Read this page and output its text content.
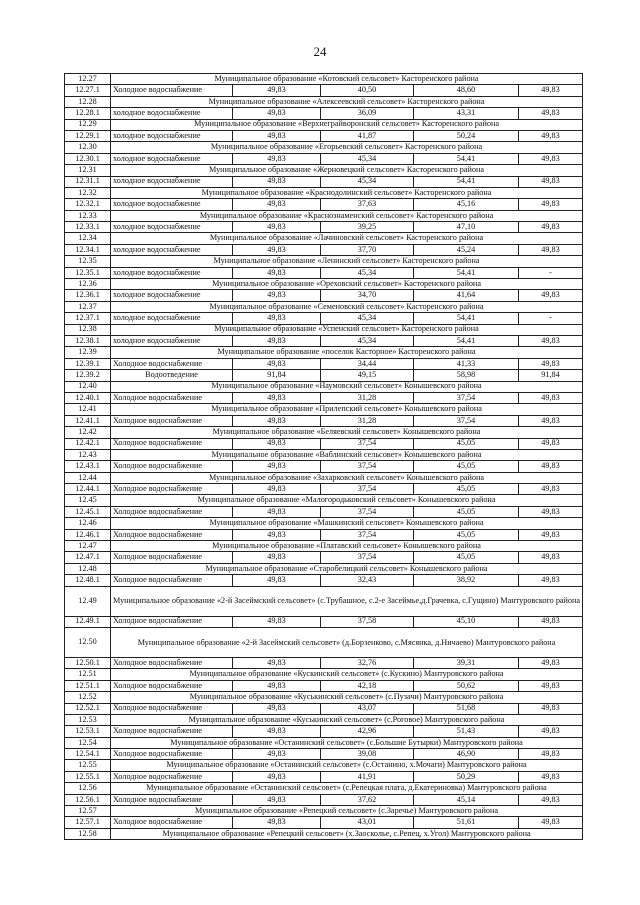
24
12.27	Муниципальное образование «Котовский сельсовет» Касторенского района				
12.27.1	Холодное водоснабжение	49,83	40,50	48,60	49,83
12.28	Муниципальное образование «Алексеевский сельсовет» Касторенского района				
12.28.1	холодное водоснабжение	49,83	36,09	43,31	49,83
12.29	Муниципальное образование «Верхнеграйворонский сельсовет» Касторенского района				
12.29.1	холодное водоснабжение	49,83	41,87	50,24	49,83
12.30	Муниципальное образование «Егорьевский сельсовет» Касторенского района				
12.30.1	холодное водоснабжение	49,83	45,34	54,41	49,83
12.31	Муниципальное образование «Жерновецкий сельсовет» Касторенского района				
12.31.1	холодное водоснабжение	49,83	45,34	54,41	49,83
12.32	Муниципальное образование «Краснодолинский сельсовет» Касторенского района				
12.32.1	холодное водоснабжение	49,83	37,63	45,16	49,83
12.33	Муниципальное образование «Краснознаменский сельсовет» Касторенского района				
12.33.1	холодное водоснабжение	49,83	39,25	47,10	49,83
12.34	Муниципальное образование «Лачиновский сельсовет» Касторенского района				
12.34.1	холодное водоснабжение	49,83	37,70	45,24	49,83
12.35	Муниципальное образование «Ленинский сельсовет» Касторенского района				
12.35.1	холодное водоснабжение	49,83	45,34	54,41	-
12.36	Муниципальное образование «Ореховский сельсовет» Касторенского района				
12.36.1	холодное водоснабжение	49,83	34,70	41,64	49,83
12.37	Муниципальное образование «Семеновский сельсовет» Касторенского района				
12.37.1	холодное водоснабжение	49,83	45,34	54,41	-
12.38	Муниципальное образование «Успенский сельсовет» Касторенского района				
12.38.1	холодное водоснабжение	49,83	45,34	54,41	49,83
12.39	Муниципальное образование «поселок Касторное» Касторенского района				
12.39.1	Холодное водоснабжение	49,83	34,44	41,33	49,83
12.39.2	Водоотведение	91,84	49,15	58,98	91,84
12.40	Муниципальное образование «Наумовский сельсовет» Конышевского района				
12.40.1	Холодное водоснабжение	49,83	31,28	37,54	49,83
12.41	Муниципальное образование «Прилепский сельсовет» Конышевского района				
12.41.1	Холодное водоснабжение	49,83	31,28	37,54	49,83
12.42	Муниципальное образование «Беляевский сельсовет» Конышевского района				
12.42.1	Холодное водоснабжение	49,83	37,54	45,05	49,83
12.43	Муниципальное образование «Ваблинский сельсовет» Конышевского района				
12.43.1	Холодное водоснабжение	49,83	37,54	45,05	49,83
12.44	Муниципальное образование «Захарковский сельсовет» Конышевского района				
12.44.1	Холодное водоснабжение	49,83	37,54	45,05	49,83
12.45	Муниципальное образование «Малогородьковский сельсовет» Конышевского района				
12.45.1	Холодное водоснабжение	49,83	37,54	45,05	49,83
12.46	Муниципальное образование «Машкинский сельсовет» Конышевского района				
12.46.1	Холодное водоснабжение	49,83	37,54	45,05	49,83
12.47	Муниципальное образование «Платавский сельсовет» Конышевского района				
12.47.1	Холодное водоснабжение	49,83	37,54	45,05	49,83
12.48	Муниципальное образование «Старобелицкий сельсовет» Конышевского района				
12.48.1	Холодное водоснабжение	49,83	32,43	38,92	49,83
12.49	Муниципальное образование «2-й Засеймский сельсовет» (с.Трубашное, с.2-е Засеймье,д.Грачевка, с.Гущино) Мантуровского района				
12.49.1	Холодное водоснабжение	49,83	37,58	45,10	49,83
12.50	Муниципальное образование «2-й Засеймский сельсовет» (д.Борзенково, с.Мясянка, д.Ничаево) Мантуровского района				
12.50.1	Холодное водоснабжение	49,83	32,76	39,31	49,83
12.51	Муниципальное образование «Кускинский сельсовет» (с.Кускино) Мантуровского района				
12.51.1	Холодное водоснабжение	49,83	42,18	50,62	49,83
12.52	Муниципальное образование «Куськинский сельсовет» (с.Пузачи) Мантуровского района				
12.52.1	Холодное водоснабжение	49,83	43,07	51,68	49,83
12.53	Муниципальное образование «Куськинский сельсовет» (с.Роговое) Мантуровского района				
12.53.1	Холодное водоснабжение	49,83	42,96	51,43	49,83
12.54	Муниципальное образование «Останинский сельсовет» (с.Большие Бутырки) Мантуровского района				
12.54.1	Холодное водоснабжение	49,83	39,08	46,90	49,83
12.55	Муниципальное образование «Останинский сельсовет» (с.Останино, х.Мочаги) Мантуровского района				
12.55.1	Холодное водоснабжение	49,83	41,91	50,29	49,83
12.56	Муниципальное образование «Останинский сельсовет» (с.Репецкая плата, д.Екатериновка) Мантуровского района				
12.56.1	Холодное водоснабжение	49,83	37,62	45,14	49,83
12.57	Муниципальное образование «Репецкий сельсовет» (с.Заречье) Мантуровского района				
12.57.1	Холодное водоснабжение	49,83	43,01	51,61	49,83
12.58	Муниципальное образование «Репецкий сельсовет» (х.Заосколье, с.Репец, х.Угол) Мантуровского района				
